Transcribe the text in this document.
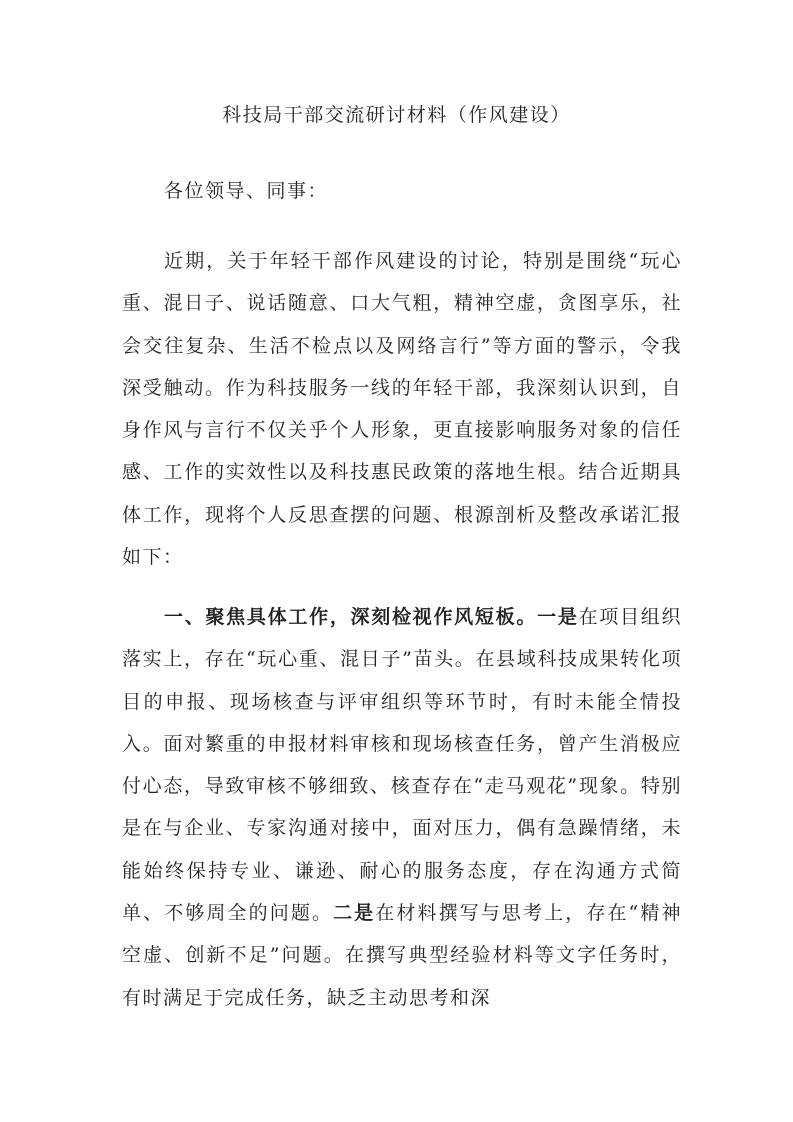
科技局干部交流研讨材料（作风建设）
各位领导、同事：
近期，关于年轻干部作风建设的讨论，特别是围绕“玩心重、混日子、说话随意、口大气粗，精神空虚，贪图享乐，社会交往复杂、生活不检点以及网络言行”等方面的警示，令我深受触动。作为科技服务一线的年轻干部，我深刻认识到，自身作风与言行不仅关乎个人形象，更直接影响服务对象的信任感、工作的实效性以及科技惠民政策的落地生根。结合近期具体工作，现将个人反思查摆的问题、根源剖析及整改承诺汇报如下：
一、聚焦具体工作，深刻检视作风短板。一是在项目组织落实上，存在“玩心重、混日子”苗头。在县域科技成果转化项目的申报、现场核查与评审组织等环节时，有时未能全情投入。面对繁重的申报材料审核和现场核查任务，曾产生消极应付心态，导致审核不够细致、核查存在“走马观花”现象。特别是在与企业、专家沟通对接中，面对压力，偶有急躁情绪，未能始终保持专业、谦逊、耐心的服务态度，存在沟通方式简单、不够周全的问题。二是在材料撰写与思考上，存在“精神空虚、创新不足”问题。在撰写典型经验材料等文字任务时，有时满足于完成任务，缺乏主动思考和深
